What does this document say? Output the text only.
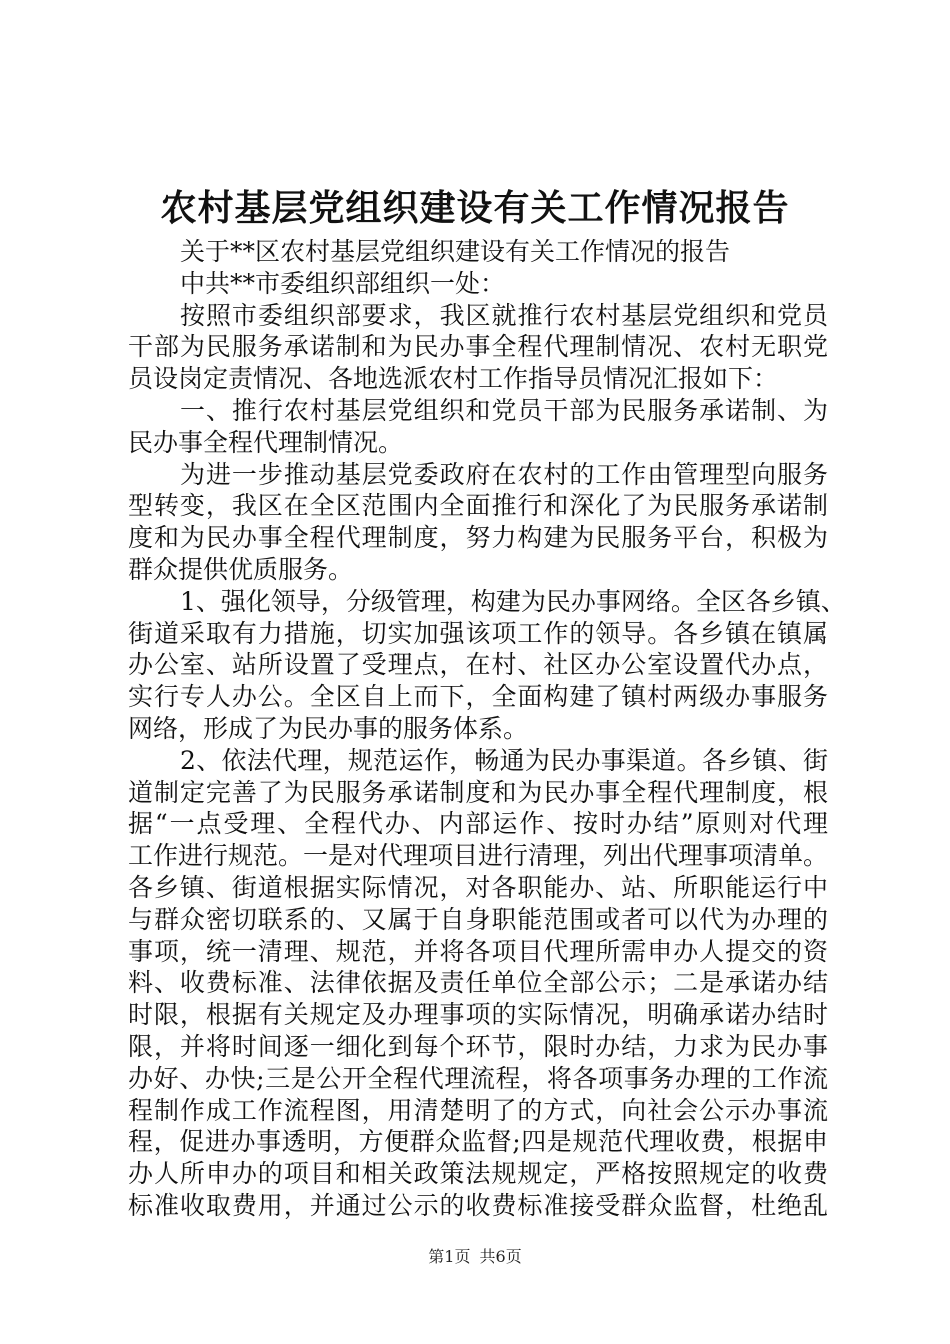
农村基层党组织建设有关工作情况报告
关于**区农村基层党组织建设有关工作情况的报告
中共**市委组织部组织一处：
按照市委组织部要求，我区就推行农村基层党组织和党员
干部为民服务承诺制和为民办事全程代理制情况、农村无职党
员设岗定责情况、各地选派农村工作指导员情况汇报如下：
一、推行农村基层党组织和党员干部为民服务承诺制、为
民办事全程代理制情况。
为进一步推动基层党委政府在农村的工作由管理型向服务
型转变，我区在全区范围内全面推行和深化了为民服务承诺制
度和为民办事全程代理制度，努力构建为民服务平台，积极为
群众提供优质服务。
1、强化领导，分级管理，构建为民办事网络。全区各乡镇、
街道采取有力措施，切实加强该项工作的领导。各乡镇在镇属
办公室、站所设置了受理点，在村、社区办公室设置代办点，
实行专人办公。全区自上而下，全面构建了镇村两级办事服务
网络，形成了为民办事的服务体系。
2、依法代理，规范运作，畅通为民办事渠道。各乡镇、街
道制定完善了为民服务承诺制度和为民办事全程代理制度，根
据“一点受理、全程代办、内部运作、按时办结”原则对代理
工作进行规范。一是对代理项目进行清理，列出代理事项清单。
各乡镇、街道根据实际情况，对各职能办、站、所职能运行中
与群众密切联系的、又属于自身职能范围或者可以代为办理的
事项，统一清理、规范，并将各项目代理所需申办人提交的资
料、收费标准、法律依据及责任单位全部公示；二是承诺办结
时限，根据有关规定及办理事项的实际情况，明确承诺办结时
限，并将时间逐一细化到每个环节，限时办结，力求为民办事
办好、办快;三是公开全程代理流程，将各项事务办理的工作流
程制作成工作流程图，用清楚明了的方式，向社会公示办事流
程，促进办事透明，方便群众监督;四是规范代理收费，根据申
办人所申办的项目和相关政策法规规定，严格按照规定的收费
标准收取费用，并通过公示的收费标准接受群众监督，杜绝乱
第1页 共6页
